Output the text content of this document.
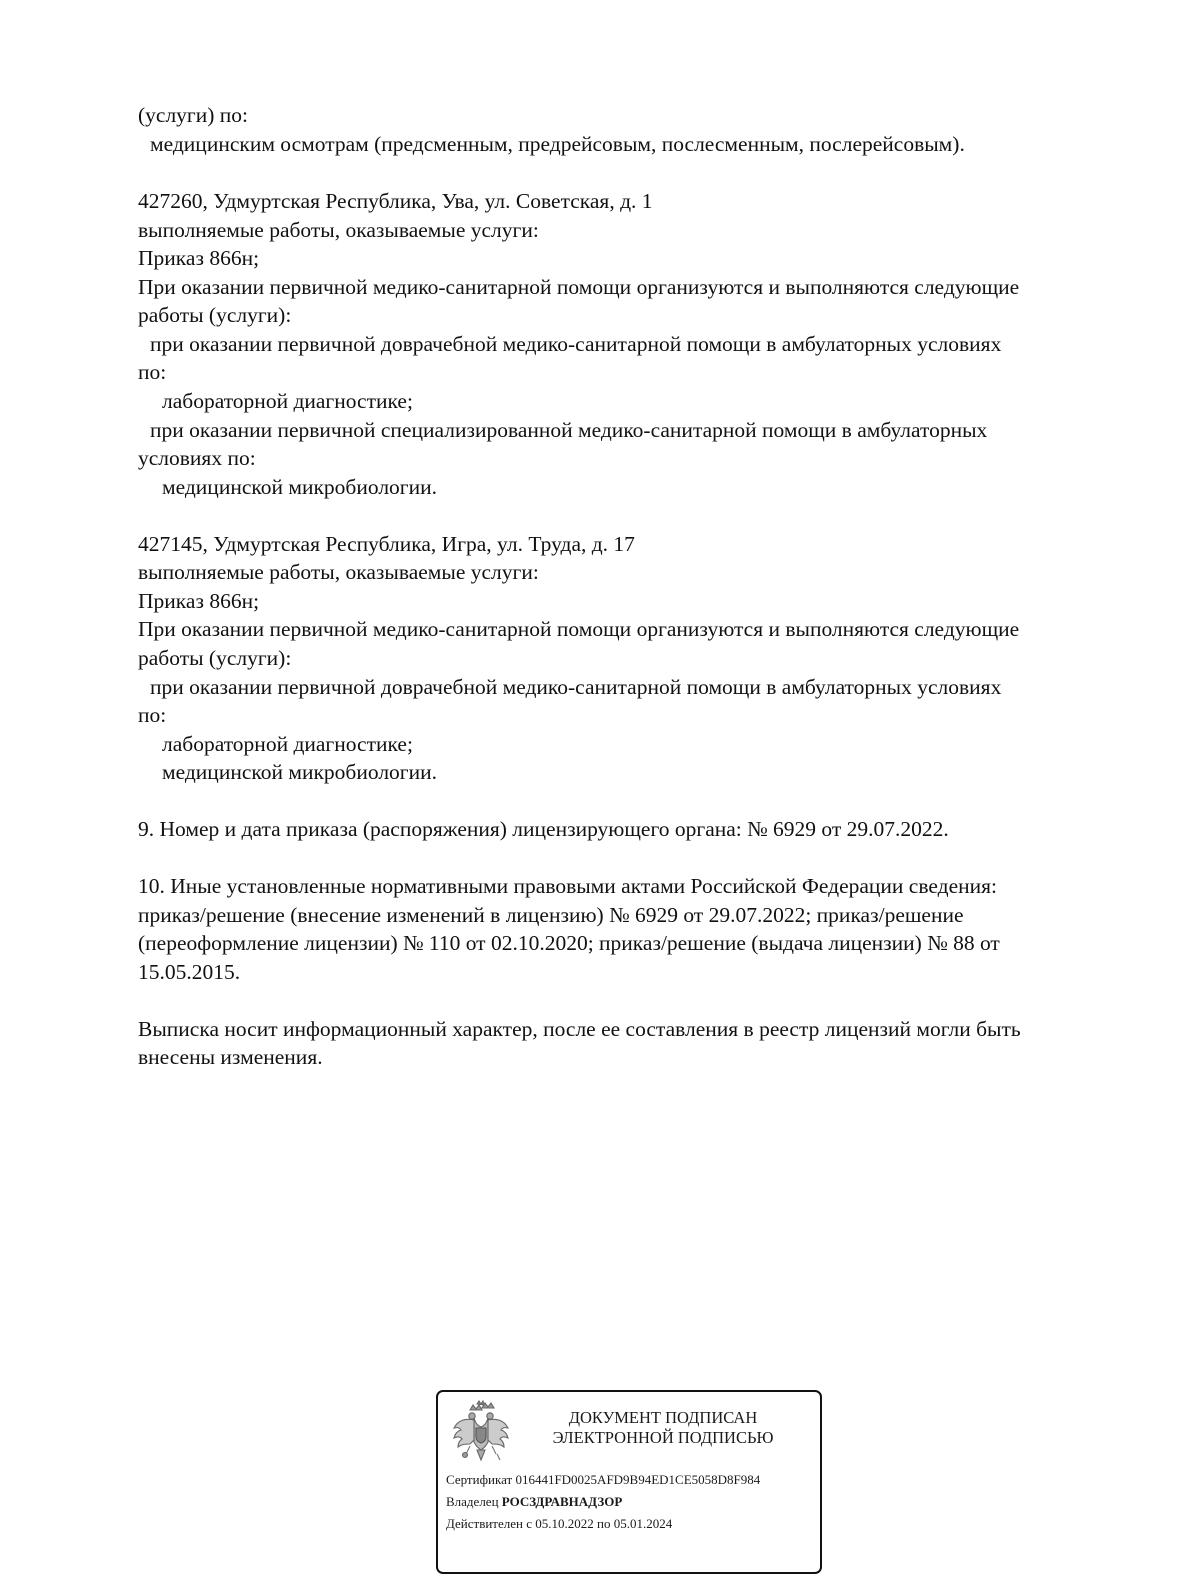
(услуги) по:
медицинским осмотрам (предсменным, предрейсовым, послесменным, послерейсовым).
427260, Удмуртская Республика, Ува, ул. Советская, д. 1
выполняемые работы, оказываемые услуги:
Приказ 866н;
При оказании первичной медико-санитарной помощи организуются и выполняются следующие
работы (услуги):
при оказании первичной доврачебной медико-санитарной помощи в амбулаторных условиях
по:
лабораторной диагностике;
при оказании первичной специализированной медико-санитарной помощи в амбулаторных
условиях по:
медицинской микробиологии.
427145, Удмуртская Республика, Игра, ул. Труда, д. 17
выполняемые работы, оказываемые услуги:
Приказ 866н;
При оказании первичной медико-санитарной помощи организуются и выполняются следующие
работы (услуги):
при оказании первичной доврачебной медико-санитарной помощи в амбулаторных условиях
по:
лабораторной диагностике;
медицинской микробиологии.
9. Номер и дата приказа (распоряжения) лицензирующего органа: № 6929 от 29.07.2022.
10. Иные установленные нормативными правовыми актами Российской Федерации сведения:
приказ/решение (внесение изменений в лицензию) № 6929 от 29.07.2022; приказ/решение
(переоформление лицензии) № 110 от 02.10.2020; приказ/решение (выдача лицензии) № 88 от
15.05.2015.
Выписка носит информационный характер, после ее составления в реестр лицензий могли быть
внесены изменения.
ДОКУМЕНТ ПОДПИСАН
ЭЛЕКТРОННОЙ ПОДПИСЬЮ
Сертификат 016441FD0025AFD9B94ED1CE5058D8F984
Владелец РОСЗДРАВНАДЗОР
Действителен с 05.10.2022 по 05.01.2024
